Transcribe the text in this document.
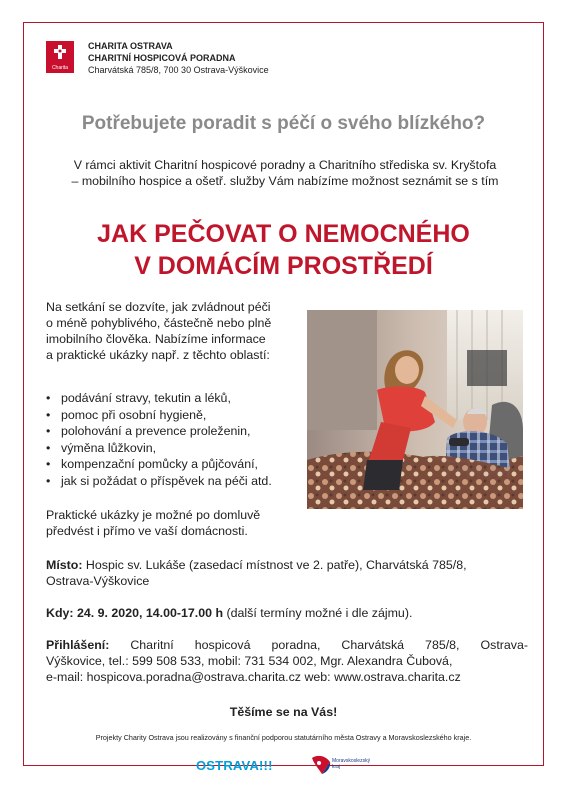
Charita
CHARITA OSTRAVA
CHARITNÍ HOSPICOVÁ PORADNA
Charvátská 785/8, 700 30 Ostrava-Výškovice
Potřebujete poradit s péčí o svého blízkého?
V rámci aktivit Charitní hospicové poradny a Charitního střediska sv. Kryštofa
– mobilního hospice a ošetř. služby Vám nabízíme možnost seznámit se s tím
JAK PEČOVAT O NEMOCNÉHO
V DOMÁCÍM PROSTŘEDÍ
Na setkání se dozvíte, jak zvládnout péči
o méně pohyblivého, částečně nebo plně
imobilního člověka. Nabízíme informace
a praktické ukázky např. z těchto oblastí:
• podávání stravy, tekutin a léků,
• pomoc při osobní hygieně,
• polohování a prevence proleženin,
• výměna lůžkovin,
• kompenzační pomůcky a půjčování,
• jak si požádat o příspěvek na péči atd.
Praktické ukázky je možné po domluvě
předvést i přímo ve vaší domácnosti.
Místo: Hospic sv. Lukáše (zasedací místnost ve 2. patře), Charvátská 785/8,
Ostrava-Výškovice
Kdy: 24. 9. 2020, 14.00-17.00 h (další termíny možné i dle zájmu).
Přihlášení: Charitní hospicová poradna, Charvátská 785/8, Ostrava-
Výškovice, tel.: 599 508 533, mobil: 731 534 002, Mgr. Alexandra Čubová,
e-mail: hospicova.poradna@ostrava.charita.cz web: www.ostrava.charita.cz
Těšíme se na Vás!
Projekty Charity Ostrava jsou realizovány s finanční podporou statutárního města Ostravy a Moravskoslezského kraje.
OSTRAVA!!!	Moravskoslezský
kraj
